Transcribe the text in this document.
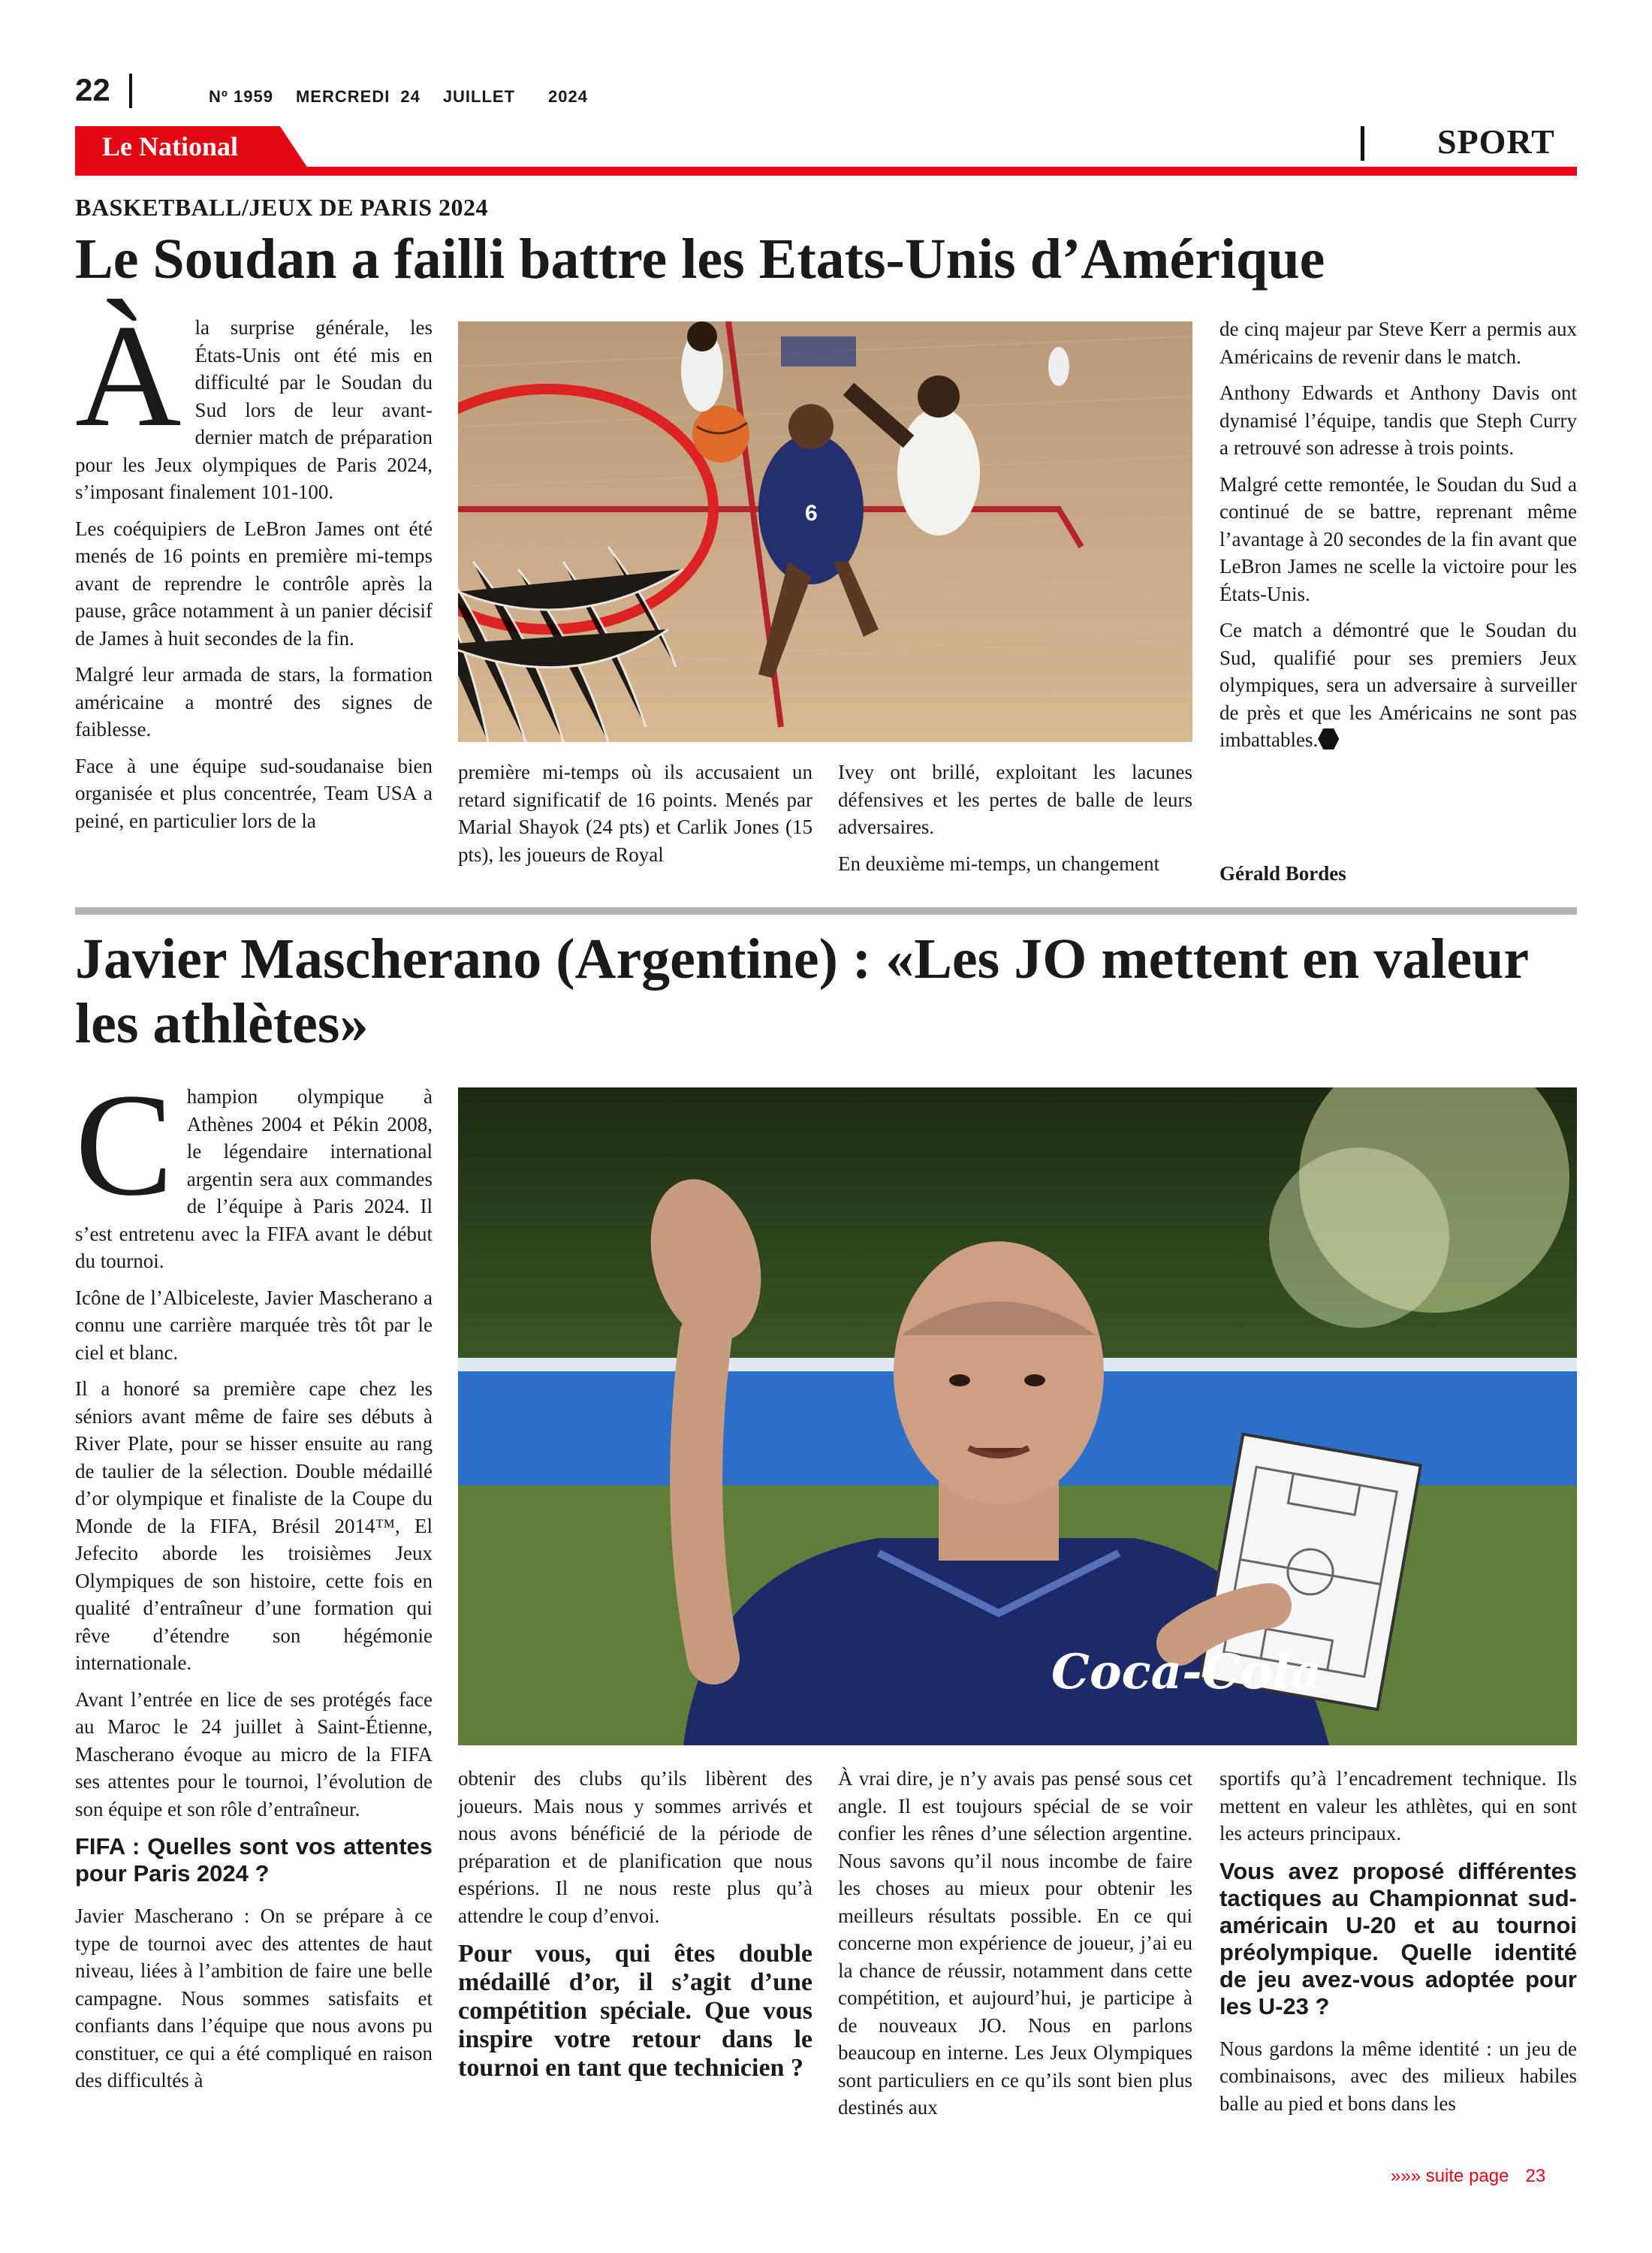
22	Nº 1959 MERCREDI 24 JUILLET 2024
Le National	SPORT
BASKETBALL/JEUX DE PARIS 2024
Le Soudan a failli battre les Etats-Unis d’Amérique
À la surprise générale, les États-Unis ont été mis en difficulté par le Soudan du Sud lors de leur avant-dernier match de préparation pour les Jeux olympiques de Paris 2024, s’imposant finalement 101-100.

Les coéquipiers de LeBron James ont été menés de 16 points en première mi-temps avant de reprendre le contrôle après la pause, grâce notamment à un panier décisif de James à huit secondes de la fin.

Malgré leur armada de stars, la formation américaine a montré des signes de faiblesse.

Face à une équipe sud-soudanaise bien organisée et plus concentrée, Team USA a peiné, en particulier lors de la

6

première mi-temps où ils accusaient un retard significatif de 16 points. Menés par Marial Shayok (24 pts) et Carlik Jones (15 pts), les joueurs de Royal

Ivey ont brillé, exploitant les lacunes défensives et les pertes de balle de leurs adversaires.

En deuxième mi-temps, un changement

de cinq majeur par Steve Kerr a permis aux Américains de revenir dans le match.

Anthony Edwards et Anthony Davis ont dynamisé l’équipe, tandis que Steph Curry a retrouvé son adresse à trois points.

Malgré cette remontée, le Soudan du Sud a continué de se battre, reprenant même l’avantage à 20 secondes de la fin avant que LeBron James ne scelle la victoire pour les États-Unis.

Ce match a démontré que le Soudan du Sud, qualifié pour ses premiers Jeux olympiques, sera un adversaire à surveiller de près et que les Américains ne sont pas imbattables.

Gérald Bordes
Javier Mascherano (Argentine) : «Les JO mettent en valeur les athlètes»
C hampion olympique à Athènes 2004 et Pékin 2008, le légendaire international argentin sera aux commandes de l’équipe à Paris 2024. Il s’est entretenu avec la FIFA avant le début du tournoi.

Icône de l’Albiceleste, Javier Mascherano a connu une carrière marquée très tôt par le ciel et blanc.

Il a honoré sa première cape chez les séniors avant même de faire ses débuts à River Plate, pour se hisser ensuite au rang de taulier de la sélection. Double médaillé d’or olympique et finaliste de la Coupe du Monde de la FIFA, Brésil 2014™, El Jefecito aborde les troisièmes Jeux Olympiques de son histoire, cette fois en qualité d’entraîneur d’une formation qui rêve d’étendre son hégémonie internationale.

Avant l’entrée en lice de ses protégés face au Maroc le 24 juillet à Saint-Étienne, Mascherano évoque au micro de la FIFA ses attentes pour le tournoi, l’évolution de son équipe et son rôle d’entraîneur.

FIFA : Quelles sont vos attentes pour Paris 2024 ?

Javier Mascherano : On se prépare à ce type de tournoi avec des attentes de haut niveau, liées à l’ambition de faire une belle campagne. Nous sommes satisfaits et confiants dans l’équipe que nous avons pu constituer, ce qui a été compliqué en raison des difficultés à

Coca-Cola

obtenir des clubs qu’ils libèrent des joueurs. Mais nous y sommes arrivés et nous avons bénéficié de la période de préparation et de planification que nous espérions. Il ne nous reste plus qu’à attendre le coup d’envoi.

Pour vous, qui êtes double médaillé d’or, il s’agit d’une compétition spéciale. Que vous inspire votre retour dans le tournoi en tant que technicien ?

À vrai dire, je n’y avais pas pensé sous cet angle. Il est toujours spécial de se voir confier les rênes d’une sélection argentine. Nous savons qu’il nous incombe de faire les choses au mieux pour obtenir les meilleurs résultats possible. En ce qui concerne mon expérience de joueur, j’ai eu la chance de réussir, notamment dans cette compétition, et aujourd’hui, je participe à de nouveaux JO. Nous en parlons beaucoup en interne. Les Jeux Olympiques sont particuliers en ce qu’ils sont bien plus destinés aux

sportifs qu’à l’encadrement technique. Ils mettent en valeur les athlètes, qui en sont les acteurs principaux.

Vous avez proposé différentes tactiques au Championnat sud-américain U-20 et au tournoi préolympique. Quelle identité de jeu avez-vous adoptée pour les U-23 ?

Nous gardons la même identité : un jeu de combinaisons, avec des milieux habiles balle au pied et bons dans les

»»» suite page 23
